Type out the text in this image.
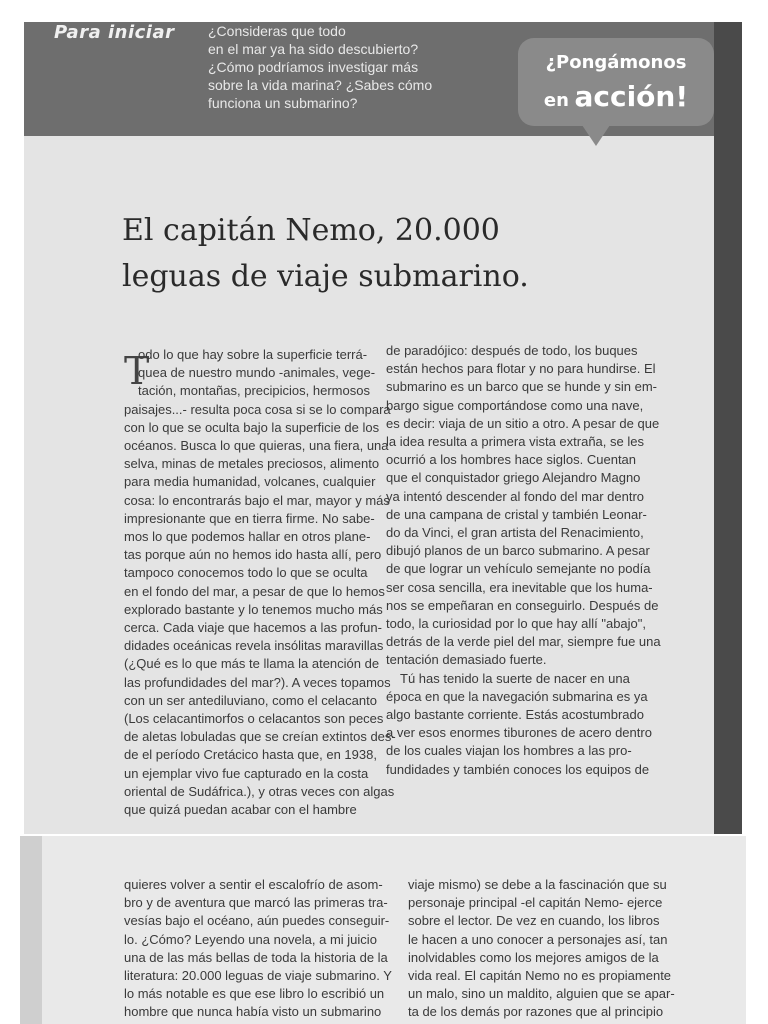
Para iniciar ¿Consideras que todo
en el mar ya ha sido descubierto?
¿Cómo podríamos investigar más
sobre la vida marina? ¿Sabes cómo
funciona un submarino?
¿Pongámonos
en acción!
El capitán Nemo, 20.000
leguas de viaje submarino.
T
odo lo que hay sobre la superficie terrá-
quea de nuestro mundo -animales, vege-
tación, montañas, precipicios, hermosos
paisajes...- resulta poca cosa si se lo compara
con lo que se oculta bajo la superficie de los
océanos. Busca lo que quieras, una fiera, una
selva, minas de metales preciosos, alimento
para media humanidad, volcanes, cualquier
cosa: lo encontrarás bajo el mar, mayor y más
impresionante que en tierra firme. No sabe-
mos lo que podemos hallar en otros plane-
tas porque aún no hemos ido hasta allí, pero
tampoco conocemos todo lo que se oculta
en el fondo del mar, a pesar de que lo hemos
explorado bastante y lo tenemos mucho más
cerca. Cada viaje que hacemos a las profun-
didades oceánicas revela insólitas maravillas
(¿Qué es lo que más te llama la atención de
las profundidades del mar?). A veces topamos
con un ser antediluviano, como el celacanto
(Los celacantimorfos o celacantos son peces
de aletas lobuladas que se creían extintos des-
de el período Cretácico hasta que, en 1938,
un ejemplar vivo fue capturado en la costa
oriental de Sudáfrica.), y otras veces con algas
que quizá puedan acabar con el hambre
de paradójico: después de todo, los buques
están hechos para flotar y no para hundirse. El
submarino es un barco que se hunde y sin em-
bargo sigue comportándose como una nave,
es decir: viaja de un sitio a otro. A pesar de que
la idea resulta a primera vista extraña, se les
ocurrió a los hombres hace siglos. Cuentan
que el conquistador griego Alejandro Magno
ya intentó descender al fondo del mar dentro
de una campana de cristal y también Leonar-
do da Vinci, el gran artista del Renacimiento,
dibujó planos de un barco submarino. A pesar
de que lograr un vehículo semejante no podía
ser cosa sencilla, era inevitable que los huma-
nos se empeñaran en conseguirlo. Después de
todo, la curiosidad por lo que hay allí "abajo",
detrás de la verde piel del mar, siempre fue una
tentación demasiado fuerte.
Tú has tenido la suerte de nacer en una
época en que la navegación submarina es ya
algo bastante corriente. Estás acostumbrado
a ver esos enormes tiburones de acero dentro
de los cuales viajan los hombres a las pro-
fundidades y también conoces los equipos de
quieres volver a sentir el escalofrío de asom-
bro y de aventura que marcó las primeras tra-
vesías bajo el océano, aún puedes conseguir-
lo. ¿Cómo? Leyendo una novela, a mi juicio
una de las más bellas de toda la historia de la
literatura: 20.000 leguas de viaje submarino. Y
lo más notable es que ese libro lo escribió un
hombre que nunca había visto un submarino
viaje mismo) se debe a la fascinación que su
personaje principal -el capitán Nemo- ejerce
sobre el lector. De vez en cuando, los libros
le hacen a uno conocer a personajes así, tan
inolvidables como los mejores amigos de la
vida real. El capitán Nemo no es propiamente
un malo, sino un maldito, alguien que se apar-
ta de los demás por razones que al principio
